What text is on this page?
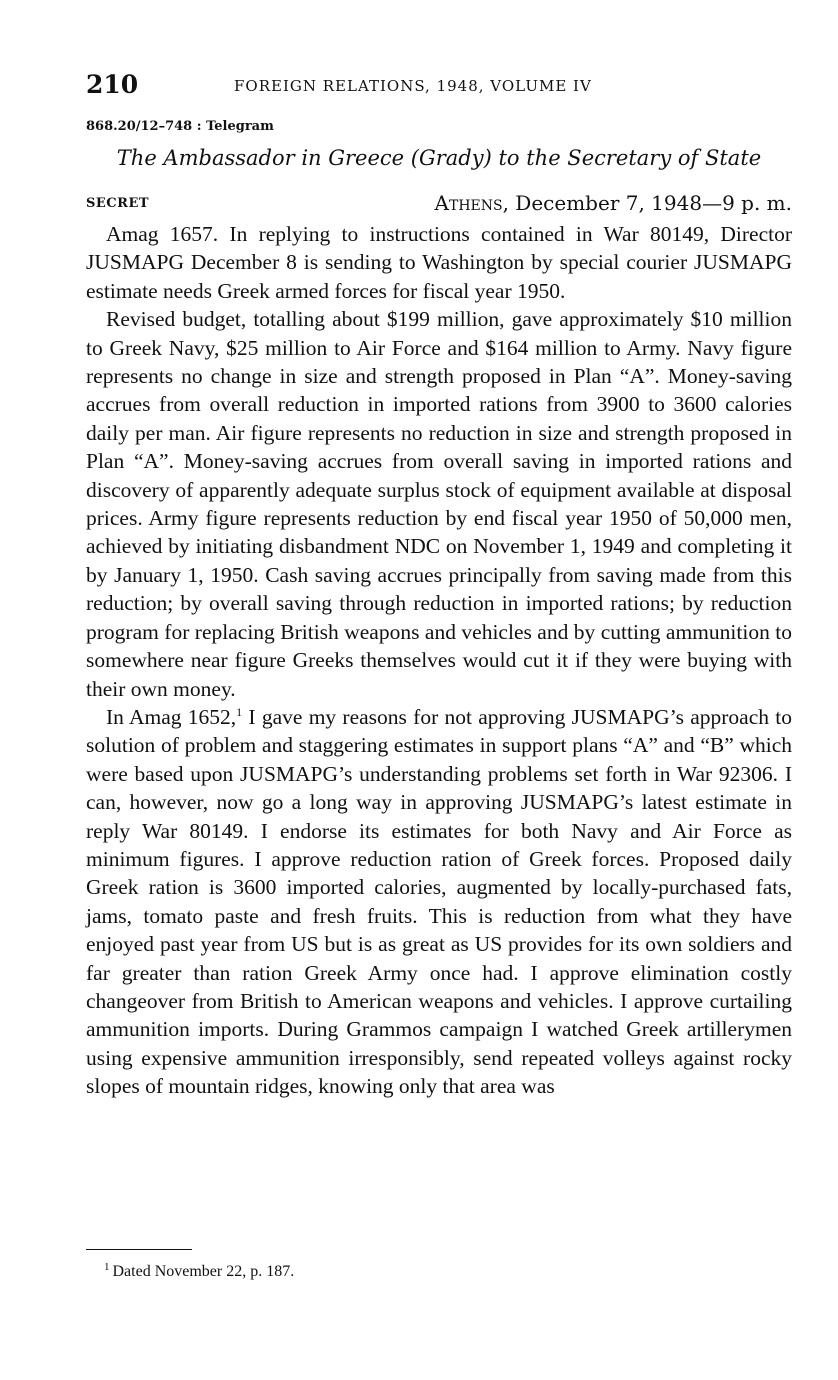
210	FOREIGN RELATIONS, 1948, VOLUME IV
868.20/12–748 : Telegram
The Ambassador in Greece (Grady) to the Secretary of State
SECRET	Athens, December 7, 1948—9 p. m.

Amag 1657. In replying to instructions contained in War 80149, Director JUSMAPG December 8 is sending to Washington by special courier JUSMAPG estimate needs Greek armed forces for fiscal year 1950.

Revised budget, totalling about $199 million, gave approximately $10 million to Greek Navy, $25 million to Air Force and $164 million to Army. Navy figure represents no change in size and strength proposed in Plan “A”. Money-saving accrues from overall reduction in imported rations from 3900 to 3600 calories daily per man. Air figure represents no reduction in size and strength proposed in Plan “A”. Money-saving accrues from overall saving in imported rations and discovery of apparently adequate surplus stock of equipment available at disposal prices. Army figure represents reduction by end fiscal year 1950 of 50,000 men, achieved by initiating disbandment NDC on November 1, 1949 and completing it by January 1, 1950. Cash saving accrues principally from saving made from this reduction; by overall saving through reduction in imported rations; by reduction program for replacing British weapons and vehicles and by cutting ammunition to somewhere near figure Greeks themselves would cut it if they were buying with their own money.

In Amag 1652,$^1$ I gave my reasons for not approving JUSMAPG’s approach to solution of problem and staggering estimates in support plans “A” and “B” which were based upon JUSMAPG’s understanding problems set forth in War 92306. I can, however, now go a long way in approving JUSMAPG’s latest estimate in reply War 80149. I endorse its estimates for both Navy and Air Force as minimum figures. I approve reduction ration of Greek forces. Proposed daily Greek ration is 3600 imported calories, augmented by locally-purchased fats, jams, tomato paste and fresh fruits. This is reduction from what they have enjoyed past year from US but is as great as US provides for its own soldiers and far greater than ration Greek Army once had. I approve elimination costly changeover from British to American weapons and vehicles. I approve curtailing ammunition imports. During Grammos campaign I watched Greek artillerymen using expensive ammunition irresponsibly, send repeated volleys against rocky slopes of mountain ridges, knowing only that area was

$^1$ Dated November 22, p. 187.
